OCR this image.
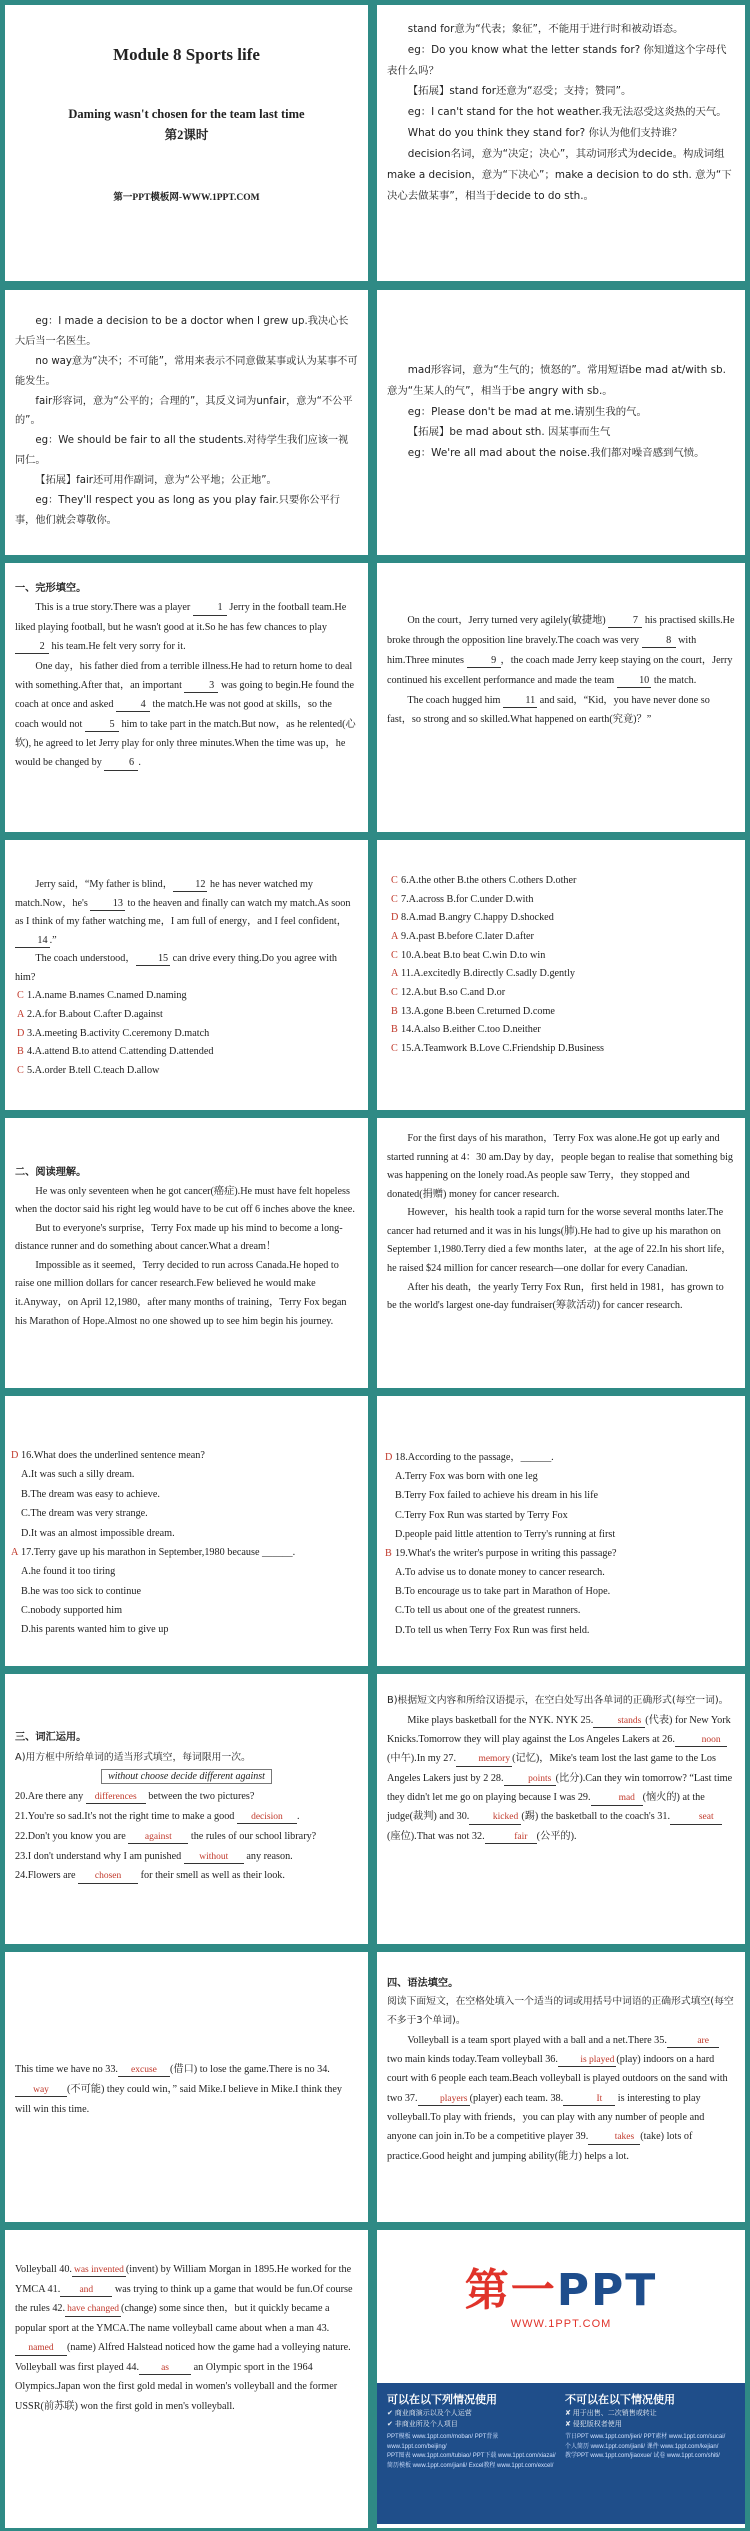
Module 8 Sports life
Daming wasn't chosen for the team last time
第2课时
第一PPT模板网-WWW.1PPT.COM

stand for意为“代表；象征”，不能用于进行时和被动语态。

eg：Do you know what the letter stands for? 你知道这个字母代表什么吗？

【拓展】stand for还意为“忍受；支持；赞同”。

eg：I can't stand for the hot weather.我无法忍受这炎热的天气。

What do you think they stand for? 你认为他们支持谁？

decision名词，意为“决定；决心”，其动词形式为decide。构成词组make a decision，意为“下决心”；make a decision to do sth. 意为“下决心去做某事”，相当于decide to do sth.。

eg：I made a decision to be a doctor when I grew up.我决心长大后当一名医生。

no way意为“决不；不可能”，常用来表示不同意做某事或认为某事不可能发生。

fair形容词，意为“公平的；合理的”，其反义词为unfair，意为“不公平的”。

eg：We should be fair to all the students.对待学生我们应该一视同仁。

【拓展】fair还可用作副词，意为“公平地；公正地”。

eg：They'll respect you as long as you play fair.只要你公平行事，他们就会尊敬你。

mad形容词，意为“生气的；愤怒的”。常用短语be mad at/with sb. 意为“生某人的气”，相当于be angry with sb.。

eg：Please don't be mad at me.请别生我的气。

【拓展】be mad about sth. 因某事而生气

eg：We're all mad about the noise.我们都对噪音感到气愤。

一、完形填空。

This is a true story.There was a player 1 Jerry in the football team.He liked playing football, but he wasn't good at it.So he has few chances to play 2 his team.He felt very sorry for it.

One day，his father died from a terrible illness.He had to return home to deal with something.After that，an important 3 was going to begin.He found the coach at once and asked 4 the match.He was not good at skills，so the coach would not 5 him to take part in the match.But now，as he relented(心软), he agreed to let Jerry play for only three minutes.When the time was up，he would be changed by 6 .

On the court，Jerry turned very agilely(敏捷地) 7 his practised skills.He broke through the opposition line bravely.The coach was very 8 with him.Three minutes 9 ，the coach made Jerry keep staying on the court，Jerry continued his excellent performance and made the team 10 the match.

The coach hugged him 11 and said，“Kid，you have never done so fast，so strong and so skilled.What happened on earth(究竟)？”

Jerry said，“My father is blind， 12 he has never watched my match.Now，he's 13 to the heaven and finally can watch my match.As soon as I think of my father watching me，I am full of energy，and I feel confident，14 .”

The coach understood， 15 can drive every thing.Do you agree with him?

C 1.A.name B.names C.named D.naming
A 2.A.for B.about C.after D.against
D 3.A.meeting B.activity C.ceremony D.match
B 4.A.attend B.to attend C.attending D.attended
C 5.A.order B.tell C.teach D.allow
C 6.A.the other B.the others C.others D.other
C 7.A.across B.for C.under D.with
D 8.A.mad B.angry C.happy D.shocked
A 9.A.past B.before C.later D.after
C 10.A.beat B.to beat C.win D.to win
A 11.A.excitedly B.directly C.sadly D.gently
C 12.A.but B.so C.and D.or
B 13.A.gone B.been C.returned D.come
B 14.A.also B.either C.too D.neither
C 15.A.Teamwork B.Love C.Friendship D.Business

二、阅读理解。

He was only seventeen when he got cancer(癌症).He must have felt hopeless when the doctor said his right leg would have to be cut off 6 inches above the knee.

But to everyone's surprise，Terry Fox made up his mind to become a long-distance runner and do something about cancer.What a dream！

Impossible as it seemed，Terry decided to run across Canada.He hoped to raise one million dollars for cancer research.Few believed he would make it.Anyway，on April 12,1980，after many months of training，Terry Fox began his Marathon of Hope.Almost no one showed up to see him begin his journey.

For the first days of his marathon，Terry Fox was alone.He got up early and started running at 4：30 am.Day by day，people began to realise that something big was happening on the lonely road.As people saw Terry，they stopped and donated(捐赠) money for cancer research.

However，his health took a rapid turn for the worse several months later.The cancer had returned and it was in his lungs(肺).He had to give up his marathon on September 1,1980.Terry died a few months later，at the age of 22.In his short life，he raised $24 million for cancer research—one dollar for every Canadian.

After his death，the yearly Terry Fox Run，first held in 1981，has grown to be the world's largest one-day fundraiser(筹款活动) for cancer research.

D 16.What does the underlined sentence mean?
A.It was such a silly dream.
B.The dream was easy to achieve.
C.The dream was very strange.
D.It was an almost impossible dream.
A 17.Terry gave up his marathon in September,1980 because ______.
A.he found it too tiring
B.he was too sick to continue
C.nobody supported him
D.his parents wanted him to give up
D 18.According to the passage，______.
A.Terry Fox was born with one leg
B.Terry Fox failed to achieve his dream in his life
C.Terry Fox Run was started by Terry Fox
D.people paid little attention to Terry's running at first
B 19.What's the writer's purpose in writing this passage?
A.To advise us to donate money to cancer research.
B.To encourage us to take part in Marathon of Hope.
C.To tell us about one of the greatest runners.
D.To tell us when Terry Fox Run was first held.

三、词汇运用。

A)用方框中所给单词的适当形式填空，每词限用一次。

without choose decide different against

20.Are there any differences between the two pictures?

21.You're so sad.It's not the right time to make a good decision .

22.Don't you know you are against the rules of our school library?

23.I don't understand why I am punished without any reason.

24.Flowers are chosen for their smell as well as their look.

B)根据短文内容和所给汉语提示，在空白处写出各单词的正确形式(每空一词)。

Mike plays basketball for the NYK. NYK 25.	stands (代表) for New York Knicks.Tomorrow they will play against the Los Angeles Lakers at 26.	noon(中午).In my 27. memory (记忆)，Mike's team lost the last game to the Los Angeles Lakers just by 2 28.	points (比分).Can they win tomorrow? “Last time they didn't let me go on playing because I was 29.	mad (恼火的) at the judge(裁判) and 30. kicked (踢) the basketball to the coach's 31.	seat(座位).That was not 32.	fair (公平的).

This time we have no 33. excuse (借口) to lose the game.There is no 34.way (不可能) they could win，” said Mike.I believe in Mike.I think they will win this time.

四、语法填空。

阅读下面短文，在空格处填入一个适当的词或用括号中词语的正确形式填空(每空不多于3个单词)。

Volleyball is a team sport played with a ball and a net.There 35.	are two main kinds today.Team volleyball 36. is played (play) indoors on a hard court with 6 people each team.Beach volleyball is played outdoors on the sand with two 37. players (player) each team. 38.	It is interesting to play volleyball.To play with friends，you can play with any number of people and anyone can join in.To be a competitive player 39.	takes (take) lots of practice.Good height and jumping ability(能力) helps a lot.

Volleyball 40. was invented (invent) by William Morgan in 1895.He worked for the YMCA 41. and was trying to think up a game that would be fun.Of course the rules 42. have changed (change) some since then，but it quickly became a popular sport at the YMCA.The name volleyball came about when a man 43.named (name) Alfred Halstead noticed how the game had a volleying nature. Volleyball was first played 44. as an Olympic sport in the 1964 Olympics.Japan won the first gold medal in women's volleyball and the former USSR(前苏联) won the first gold in men's volleyball.

第一PPT
WWW.1PPT.COM
可以在以下列情况使用
✔ 商业商演示以及个人运营
✔ 非商业所及个人项目
PPT模板 www.1ppt.com/moban/ PPT背景 www.1ppt.com/beijing/
PPT图表 www.1ppt.com/tubiao/ PPT下载 www.1ppt.com/xiazai/
简历模板 www.1ppt.com/jianli/ Excel教程 www.1ppt.com/excel/
不可以在以下情况使用
✘ 用于出售、二次销售或转让
✘ 侵犯版权者使用
节日PPT www.1ppt.com/jieri/ PPT素材 www.1ppt.com/sucai/
个人简历 www.1ppt.com/jianli/ 课件 www.1ppt.com/kejian/
教学PPT www.1ppt.com/jiaoxue/ 试卷 www.1ppt.com/shiti/
